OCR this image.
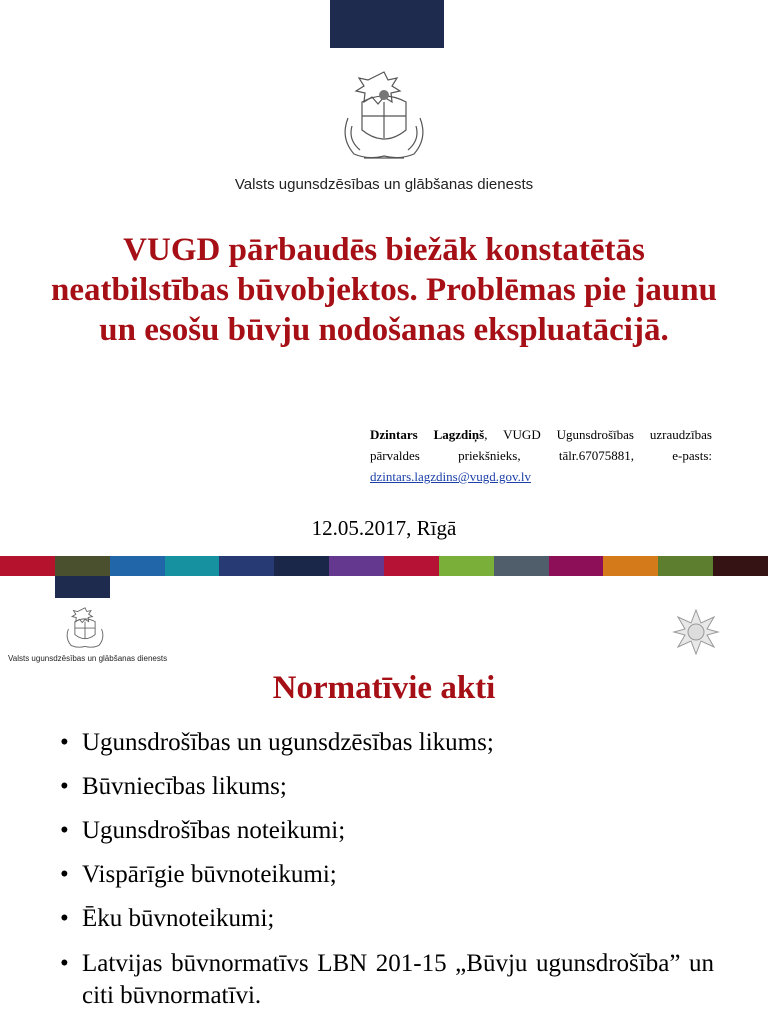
Valsts ugunsdzēsības un glābšanas dienests
VUGD pārbaudēs biežāk konstatētās neatbilstības būvobjektos. Problēmas pie jaunu un esošu būvju nodošanas ekspluatācijā.
Dzintars Lagzdiņš, VUGD Ugunsdrošības uzraudzības pārvaldes priekšnieks, tālr.67075881, e-pasts: dzintars.lagzdins@vugd.gov.lv
12.05.2017, Rīgā
Valsts ugunsdzēsības un glābšanas dienests
Normatīvie akti
• Ugunsdrošības un ugunsdzēsības likums;
• Būvniecības likums;
• Ugunsdrošības noteikumi;
• Vispārīgie būvnoteikumi;
• Ēku būvnoteikumi;
• Latvijas būvnormatīvs LBN 201-15 „Būvju ugunsdrošība” un citi būvnormatīvi.
